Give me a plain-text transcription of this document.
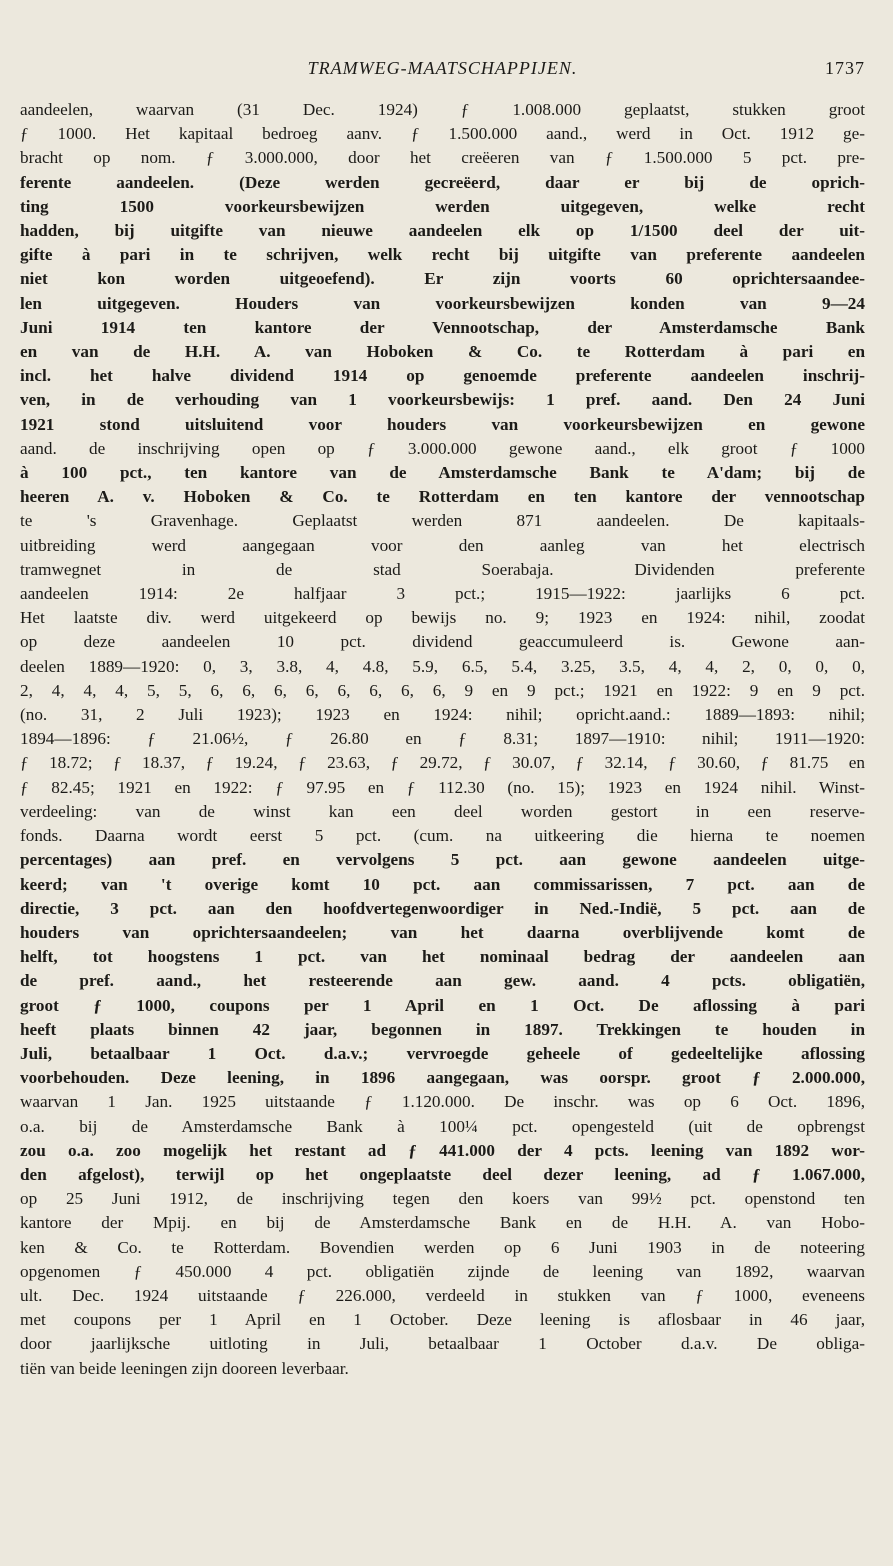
TRAMWEG-MAATSCHAPPIJEN.	1737
aandeelen, waarvan (31 Dec. 1924) ƒ 1.008.000 geplaatst, stukken groot
ƒ 1000. Het kapitaal bedroeg aanv. ƒ 1.500.000 aand., werd in Oct. 1912 ge-
bracht op nom. ƒ 3.000.000, door het creëeren van ƒ 1.500.000 5 pct. pre-
ferente aandeelen. (Deze werden gecreëerd, daar er bij de oprich-
ting 1500 voorkeursbewijzen werden uitgegeven, welke recht
hadden, bij uitgifte van nieuwe aandeelen elk op 1/1500 deel der uit-
gifte à pari in te schrijven, welk recht bij uitgifte van preferente aandeelen
niet kon worden uitgeoefend). Er zijn voorts 60 oprichtersaandee-
len uitgegeven. Houders van voorkeursbewijzen konden van 9—24
Juni 1914 ten kantore der Vennootschap, der Amsterdamsche Bank
en van de H.H. A. van Hoboken & Co. te Rotterdam à pari en
incl. het halve dividend 1914 op genoemde preferente aandeelen inschrij-
ven, in de verhouding van 1 voorkeursbewijs: 1 pref. aand. Den 24 Juni
1921 stond uitsluitend voor houders van voorkeursbewijzen en gewone
aand. de inschrijving open op ƒ 3.000.000 gewone aand., elk groot ƒ 1000
à 100 pct., ten kantore van de Amsterdamsche Bank te A'dam; bij de
heeren A. v. Hoboken & Co. te Rotterdam en ten kantore der vennootschap
te 's Gravenhage. Geplaatst werden 871 aandeelen. De kapitaals-
uitbreiding werd aangegaan voor den aanleg van het electrisch
tramwegnet in de stad Soerabaja. Dividenden preferente
aandeelen 1914: 2e halfjaar 3 pct.; 1915—1922: jaarlijks 6 pct.
Het laatste div. werd uitgekeerd op bewijs no. 9; 1923 en 1924: nihil, zoodat
op deze aandeelen 10 pct. dividend geaccumuleerd is. Gewone aan-
deelen 1889—1920: 0, 3, 3.8, 4, 4.8, 5.9, 6.5, 5.4, 3.25, 3.5, 4, 4, 2, 0, 0, 0,
2, 4, 4, 4, 5, 5, 6, 6, 6, 6, 6, 6, 6, 6, 9 en 9 pct.; 1921 en 1922: 9 en 9 pct.
(no. 31, 2 Juli 1923); 1923 en 1924: nihil; opricht.aand.: 1889—1893: nihil;
1894—1896: ƒ 21.06½, ƒ 26.80 en ƒ 8.31; 1897—1910: nihil; 1911—1920:
ƒ 18.72; ƒ 18.37, ƒ 19.24, ƒ 23.63, ƒ 29.72, ƒ 30.07, ƒ 32.14, ƒ 30.60, ƒ 81.75 en
ƒ 82.45; 1921 en 1922: ƒ 97.95 en ƒ 112.30 (no. 15); 1923 en 1924 nihil. Winst-
verdeeling: van de winst kan een deel worden gestort in een reserve-
fonds. Daarna wordt eerst 5 pct. (cum. na uitkeering die hierna te noemen
percentages) aan pref. en vervolgens 5 pct. aan gewone aandeelen uitge-
keerd; van 't overige komt 10 pct. aan commissarissen, 7 pct. aan de
directie, 3 pct. aan den hoofdvertegenwoordiger in Ned.-Indië, 5 pct. aan de
houders van oprichtersaandeelen; van het daarna overblijvende komt de
helft, tot hoogstens 1 pct. van het nominaal bedrag der aandeelen aan
de pref. aand., het resteerende aan gew. aand. 4 pcts. obligatiën,
groot ƒ 1000, coupons per 1 April en 1 Oct. De aflossing à pari
heeft plaats binnen 42 jaar, begonnen in 1897. Trekkingen te houden in
Juli, betaalbaar 1 Oct. d.a.v.; vervroegde geheele of gedeeltelijke aflossing
voorbehouden. Deze leening, in 1896 aangegaan, was oorspr. groot ƒ 2.000.000,
waarvan 1 Jan. 1925 uitstaande ƒ 1.120.000. De inschr. was op 6 Oct. 1896,
o.a. bij de Amsterdamsche Bank à 100¼ pct. opengesteld (uit de opbrengst
zou o.a. zoo mogelijk het restant ad ƒ 441.000 der 4 pcts. leening van 1892 wor-
den afgelost), terwijl op het ongeplaatste deel dezer leening, ad ƒ 1.067.000,
op 25 Juni 1912, de inschrijving tegen den koers van 99½ pct. openstond ten
kantore der Mpij. en bij de Amsterdamsche Bank en de H.H. A. van Hobo-
ken & Co. te Rotterdam. Bovendien werden op 6 Juni 1903 in de noteering
opgenomen ƒ 450.000 4 pct. obligatiën zijnde de leening van 1892, waarvan
ult. Dec. 1924 uitstaande ƒ 226.000, verdeeld in stukken van ƒ 1000, eveneens
met coupons per 1 April en 1 October. Deze leening is aflosbaar in 46 jaar,
door jaarlijksche uitloting in Juli, betaalbaar 1 October d.a.v. De obliga-
tiën van beide leeningen zijn dooreen leverbaar.
